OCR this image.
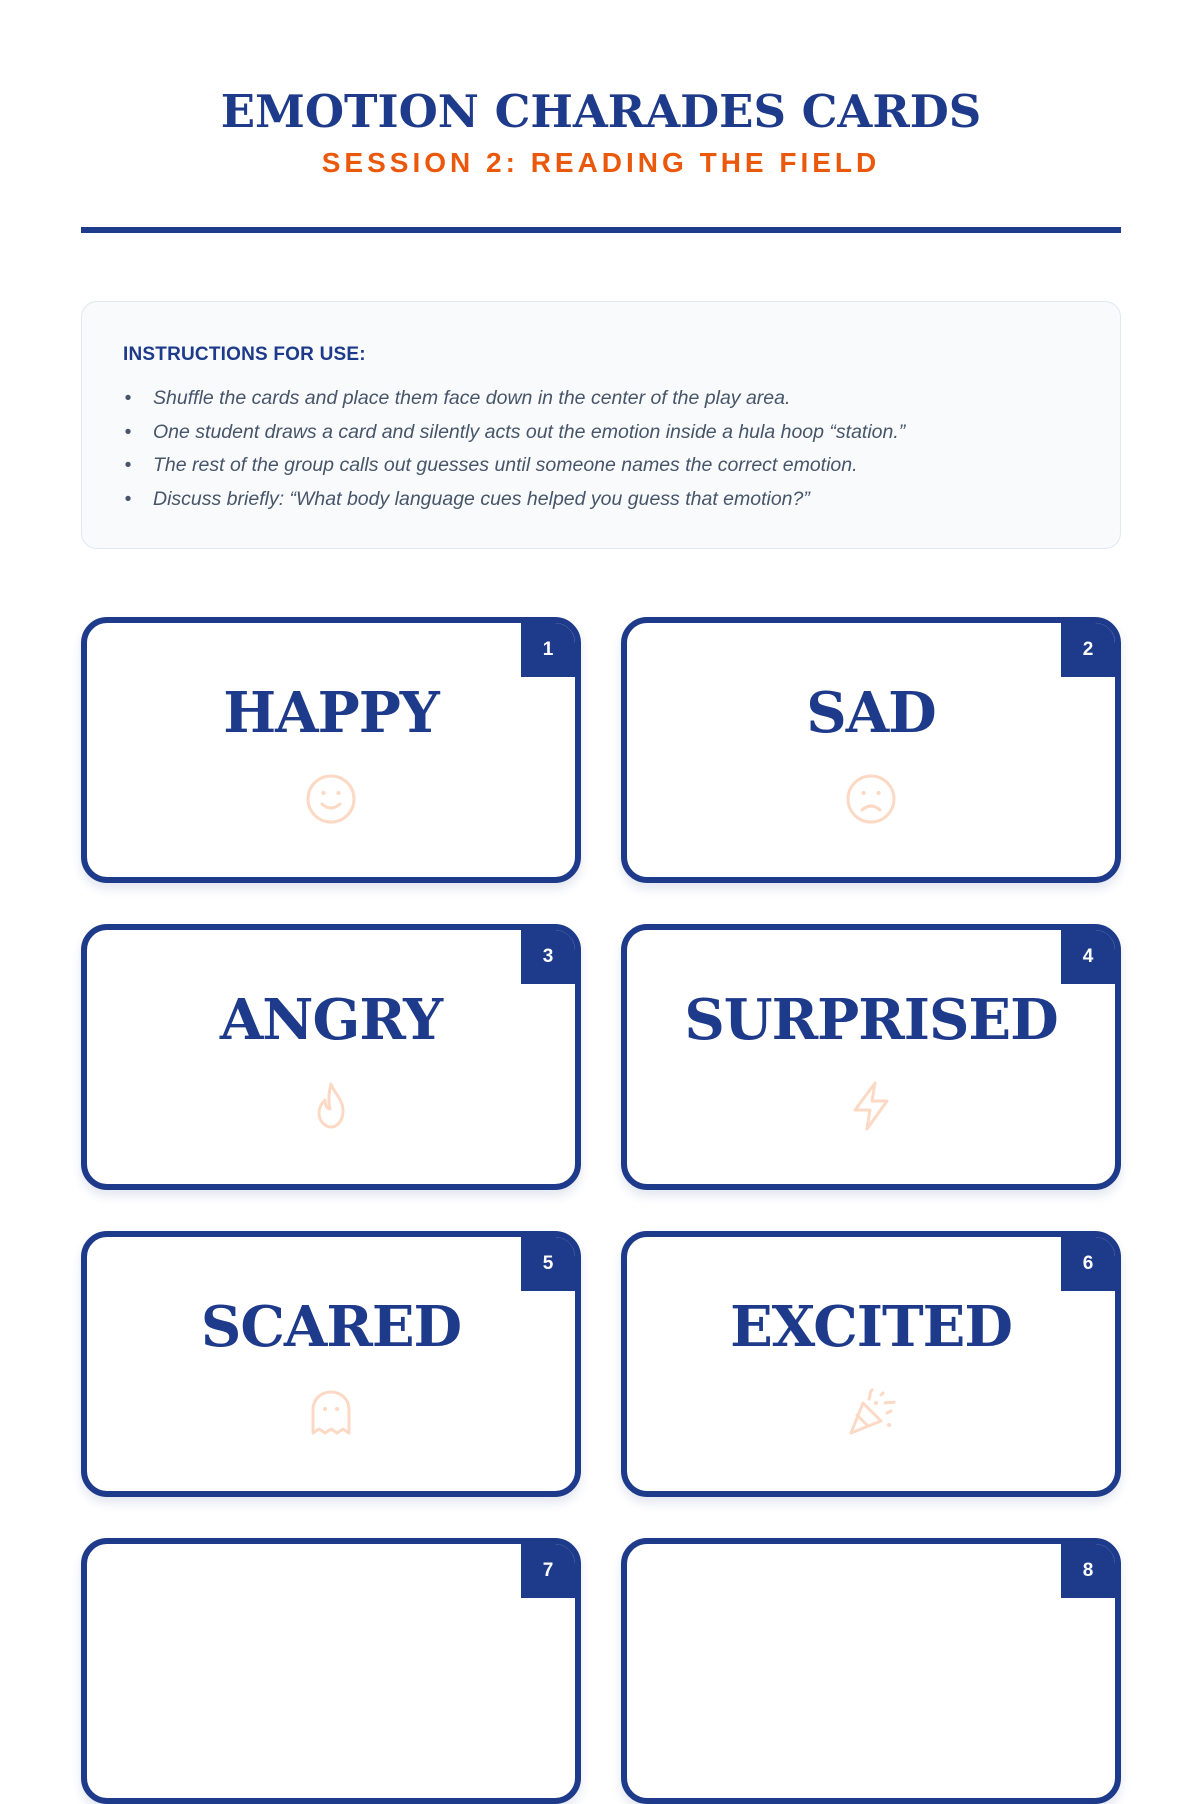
EMOTION CHARADES CARDS
SESSION 2: READING THE FIELD
INSTRUCTIONS FOR USE:
• Shuffle the cards and place them face down in the center of the play area.
• One student draws a card and silently acts out the emotion inside a hula hoop “station.”
• The rest of the group calls out guesses until someone names the correct emotion.
• Discuss briefly: “What body language cues helped you guess that emotion?”
1
HAPPY
2
SAD
3
ANGRY
4
SURPRISED
5
SCARED
6
EXCITED
7	8
